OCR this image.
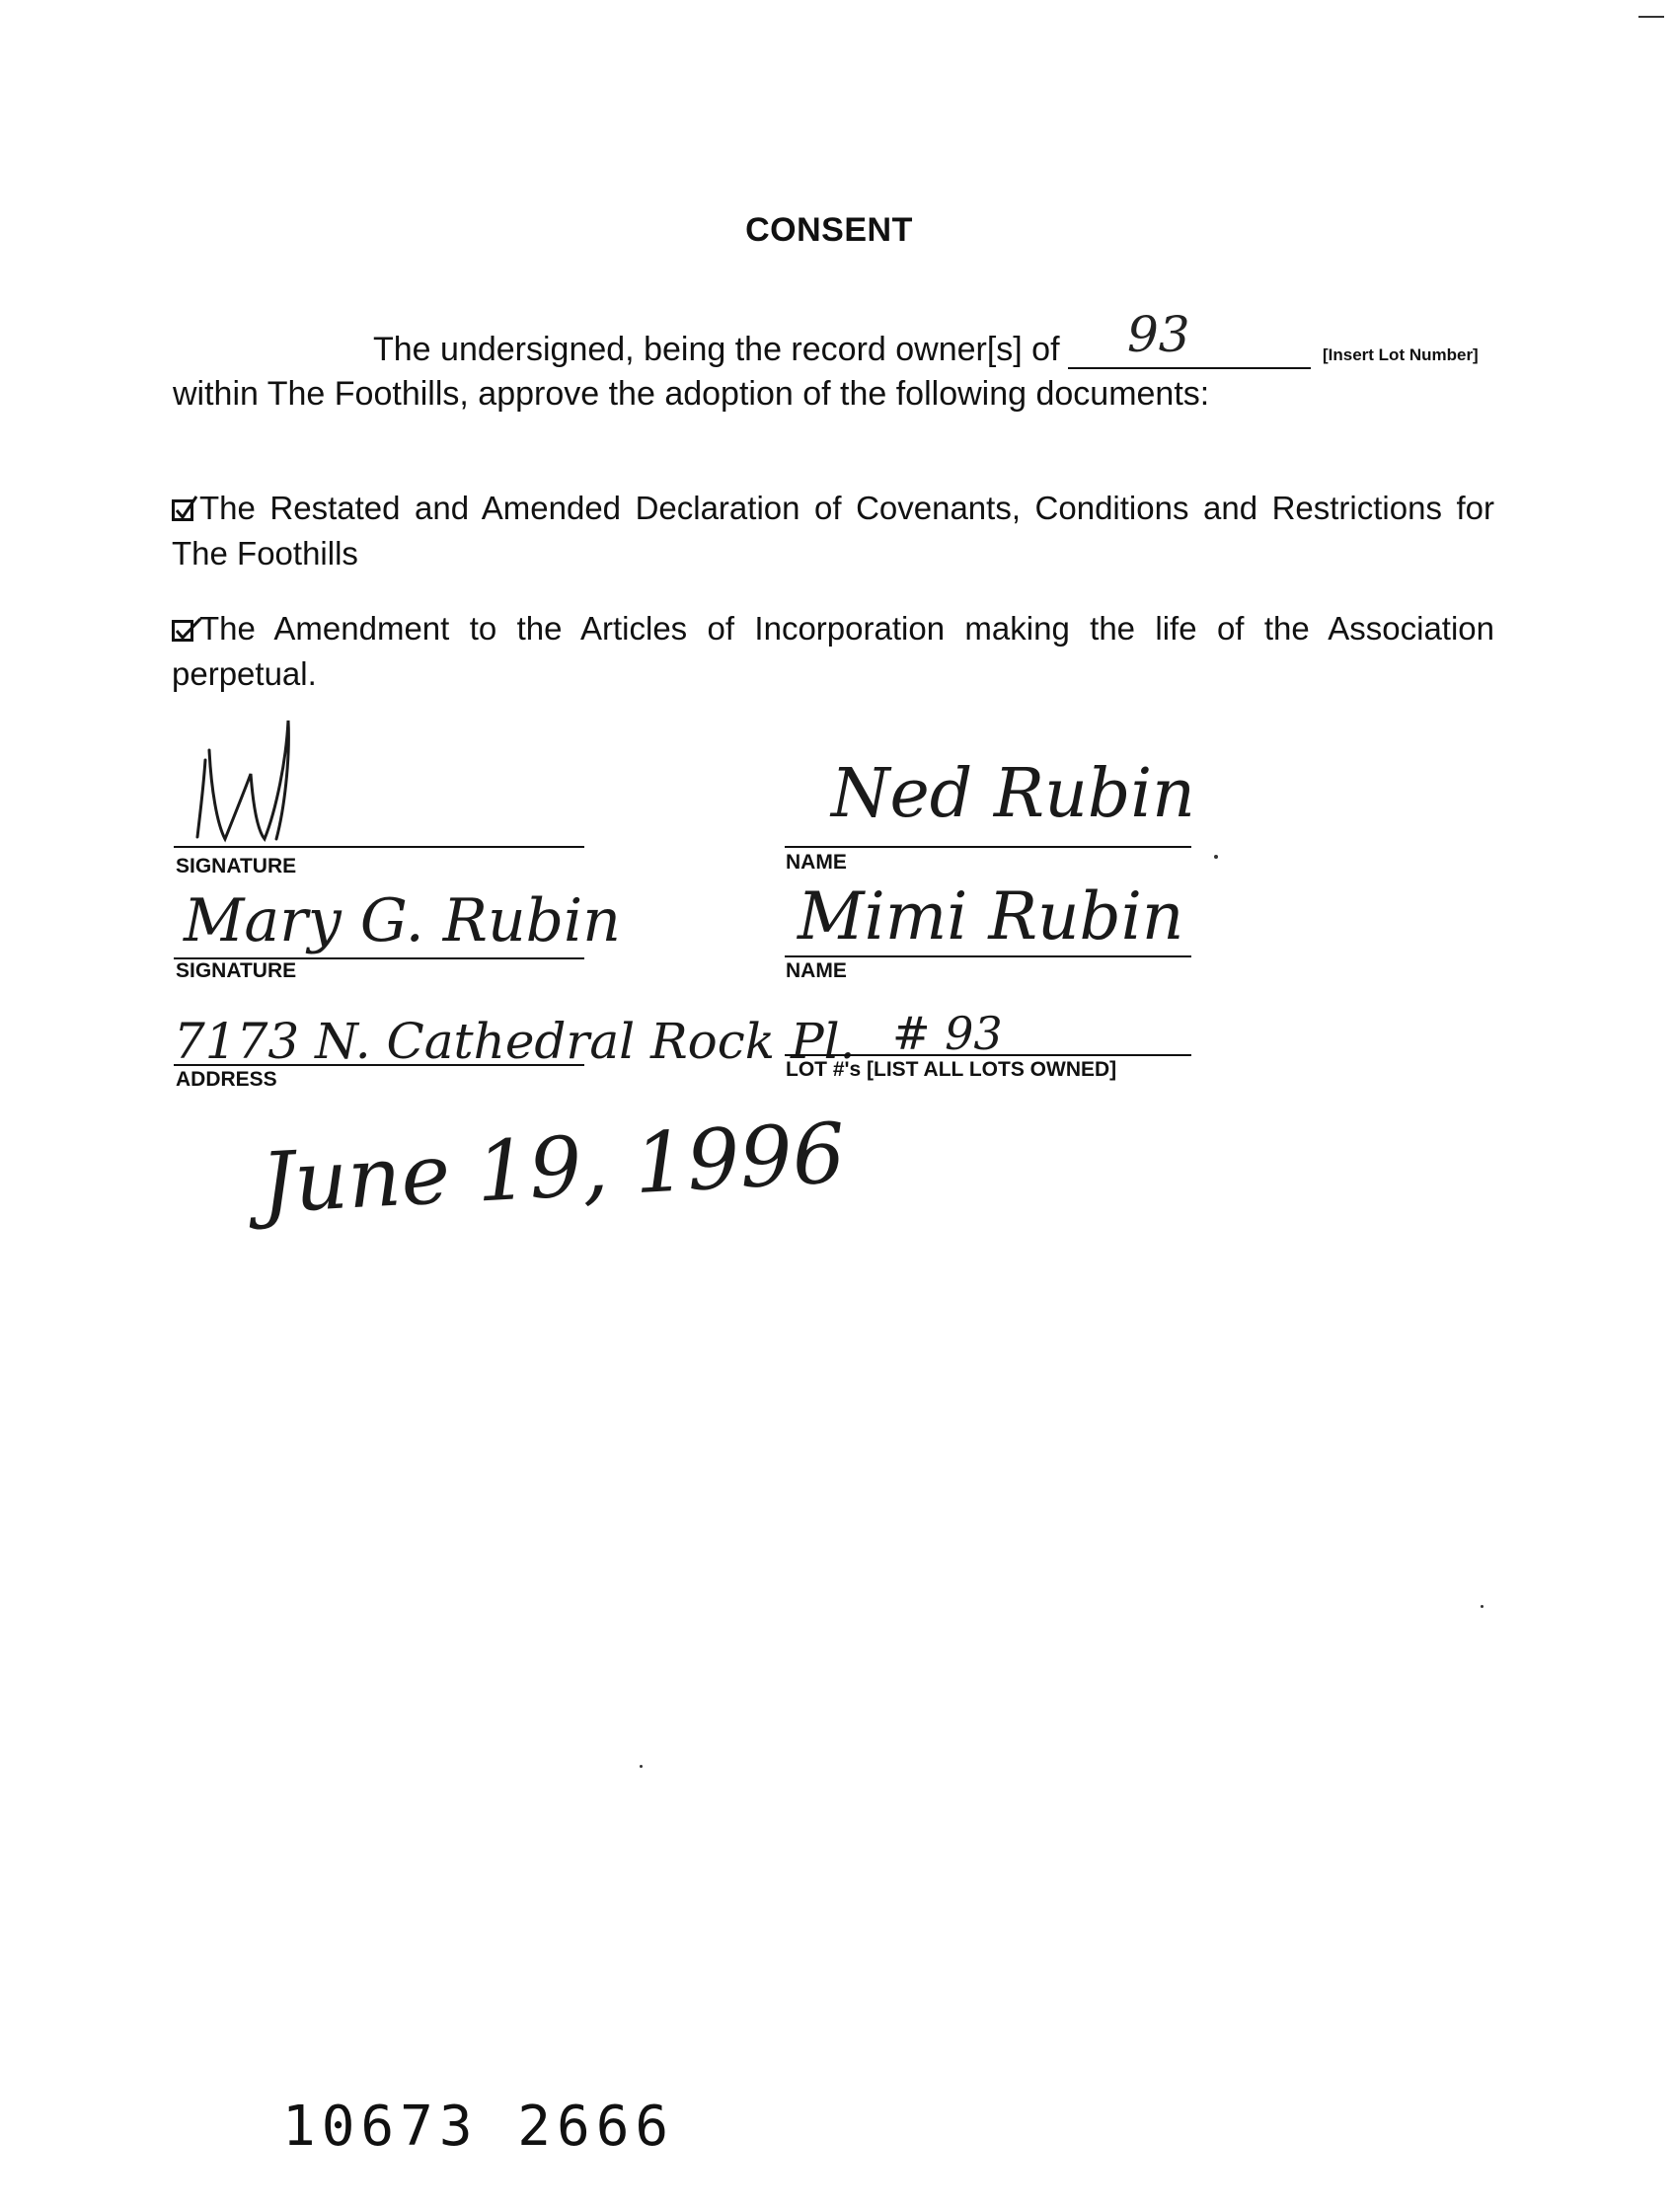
CONSENT
The undersigned, being the record owner[s] of 93	[Insert Lot Number]
within The Foothills, approve the adoption of the following documents:
The Restated and Amended Declaration of Covenants, Conditions and Restrictions for The Foothills
The Amendment to the Articles of Incorporation making the life of the Association perpetual.
SIGNATURE
Ned Rubin
NAME
Mary G. Rubin
SIGNATURE
Mimi Rubin
NAME
7173 N. Cathedral Rock Pl.
ADDRESS
# 93
LOT #'s [LIST ALL LOTS OWNED]
June 19, 1996
10673 2666
